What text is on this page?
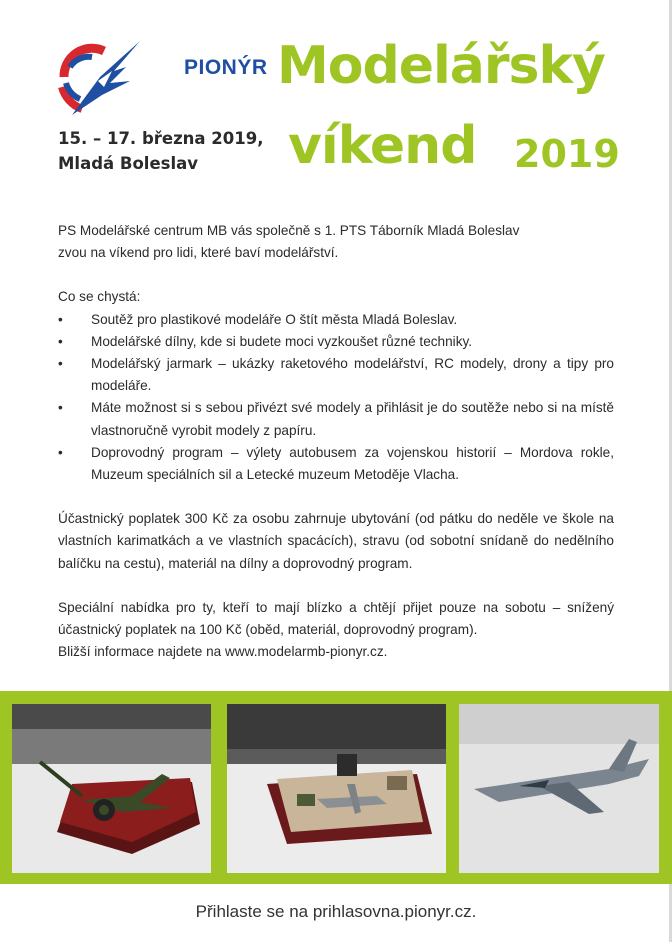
PIONÝR
15. – 17. března 2019,
Mladá Boleslav
Modelářský
víkend 2019

PS Modelářské centrum MB vás společně s 1. PTS Táborník Mladá Boleslav

zvou na víkend pro lidi, které baví modelářství.

Co se chystá:

• Soutěž pro plastikové modeláře O štít města Mladá Boleslav.
• Modelářské dílny, kde si budete moci vyzkoušet různé techniky.
• Modelářský jarmark – ukázky raketového modelářství, RC modely, drony a tipy pro modeláře.
• Máte možnost si s sebou přivézt své modely a přihlásit je do soutěže nebo si na místě vlastnoručně vyrobit modely z papíru.
• Doprovodný program – výlety autobusem za vojenskou historií – Mordova rokle, Muzeum speciálních sil a Letecké muzeum Metoděje Vlacha.

Účastnický poplatek 300 Kč za osobu zahrnuje ubytování (od pátku do neděle ve škole na vlastních karimatkách a ve vlastních spacácích), stravu (od sobotní snídaně do nedělního balíčku na cestu), materiál na dílny a doprovodný program.

Speciální nabídka pro ty, kteří to mají blízko a chtějí přijet pouze na sobotu – snížený účastnický poplatek na 100 Kč (oběd, materiál, doprovodný program).

Bližší informace najdete na www.modelarmb-pionyr.cz.

Přihlaste se na prihlasovna.pionyr.cz.
